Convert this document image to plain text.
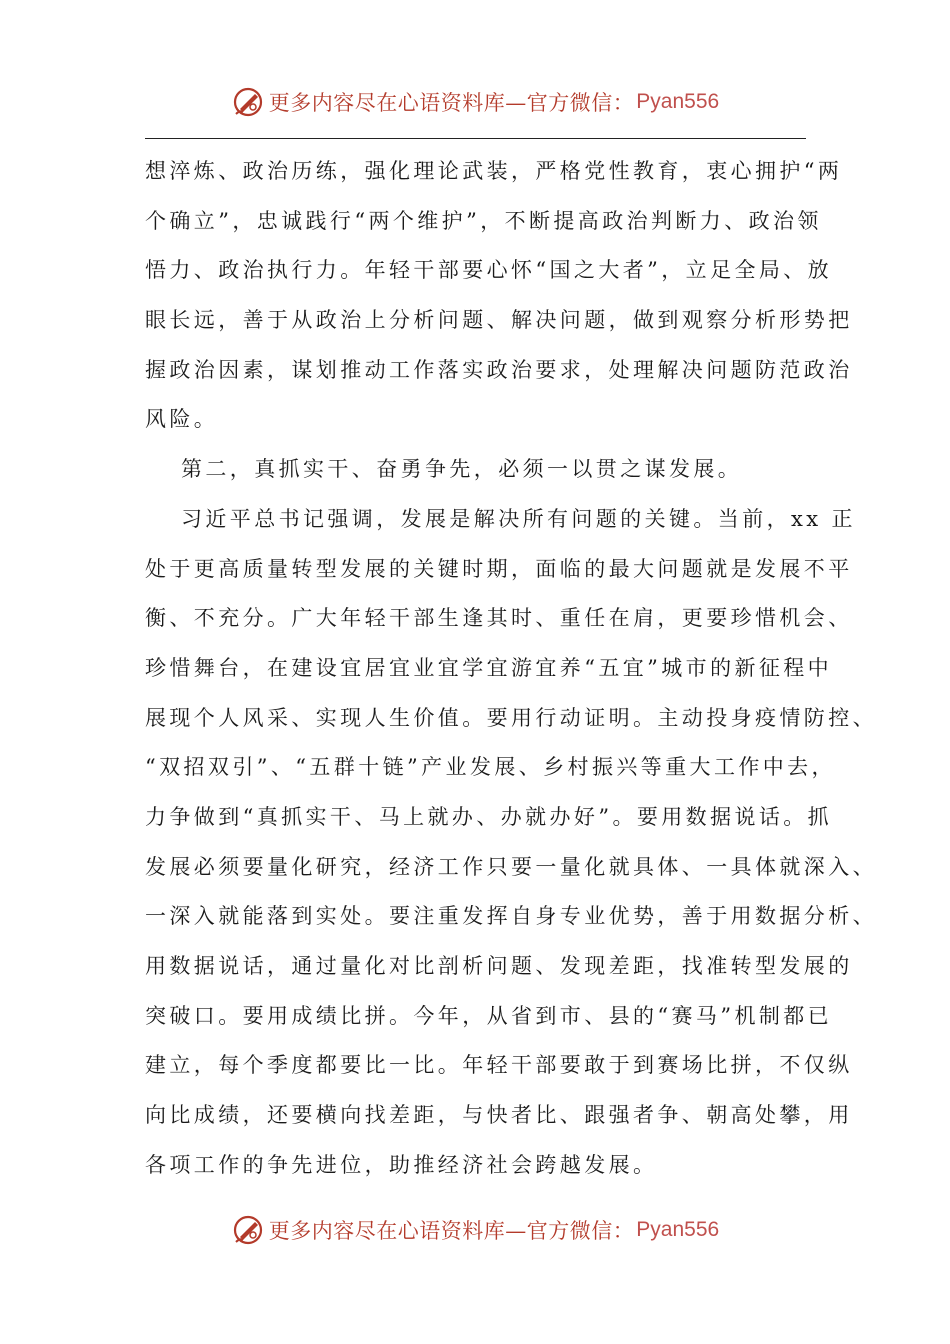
更多内容尽在心语资料库—官方微信： Pyan556
想淬炼、政治历练，强化理论武装，严格党性教育，衷心拥护“两
个确立”，忠诚践行“两个维护”，不断提高政治判断力、政治领
悟力、政治执行力。年轻干部要心怀“国之大者”，立足全局、放
眼长远，善于从政治上分析问题、解决问题，做到观察分析形势把
握政治因素，谋划推动工作落实政治要求，处理解决问题防范政治
风险。
第二，真抓实干、奋勇争先，必须一以贯之谋发展。
习近平总书记强调，发展是解决所有问题的关键。当前，xx 正
处于更高质量转型发展的关键时期，面临的最大问题就是发展不平
衡、不充分。广大年轻干部生逢其时、重任在肩，更要珍惜机会、
珍惜舞台，在建设宜居宜业宜学宜游宜养“五宜”城市的新征程中
展现个人风采、实现人生价值。要用行动证明。主动投身疫情防控、
“双招双引”、“五群十链”产业发展、乡村振兴等重大工作中去，
力争做到“真抓实干、马上就办、办就办好”。要用数据说话。抓
发展必须要量化研究，经济工作只要一量化就具体、一具体就深入、
一深入就能落到实处。要注重发挥自身专业优势，善于用数据分析、
用数据说话，通过量化对比剖析问题、发现差距，找准转型发展的
突破口。要用成绩比拼。今年，从省到市、县的“赛马”机制都已
建立，每个季度都要比一比。年轻干部要敢于到赛场比拼，不仅纵
向比成绩，还要横向找差距，与快者比、跟强者争、朝高处攀，用
各项工作的争先进位，助推经济社会跨越发展。
更多内容尽在心语资料库—官方微信： Pyan556
